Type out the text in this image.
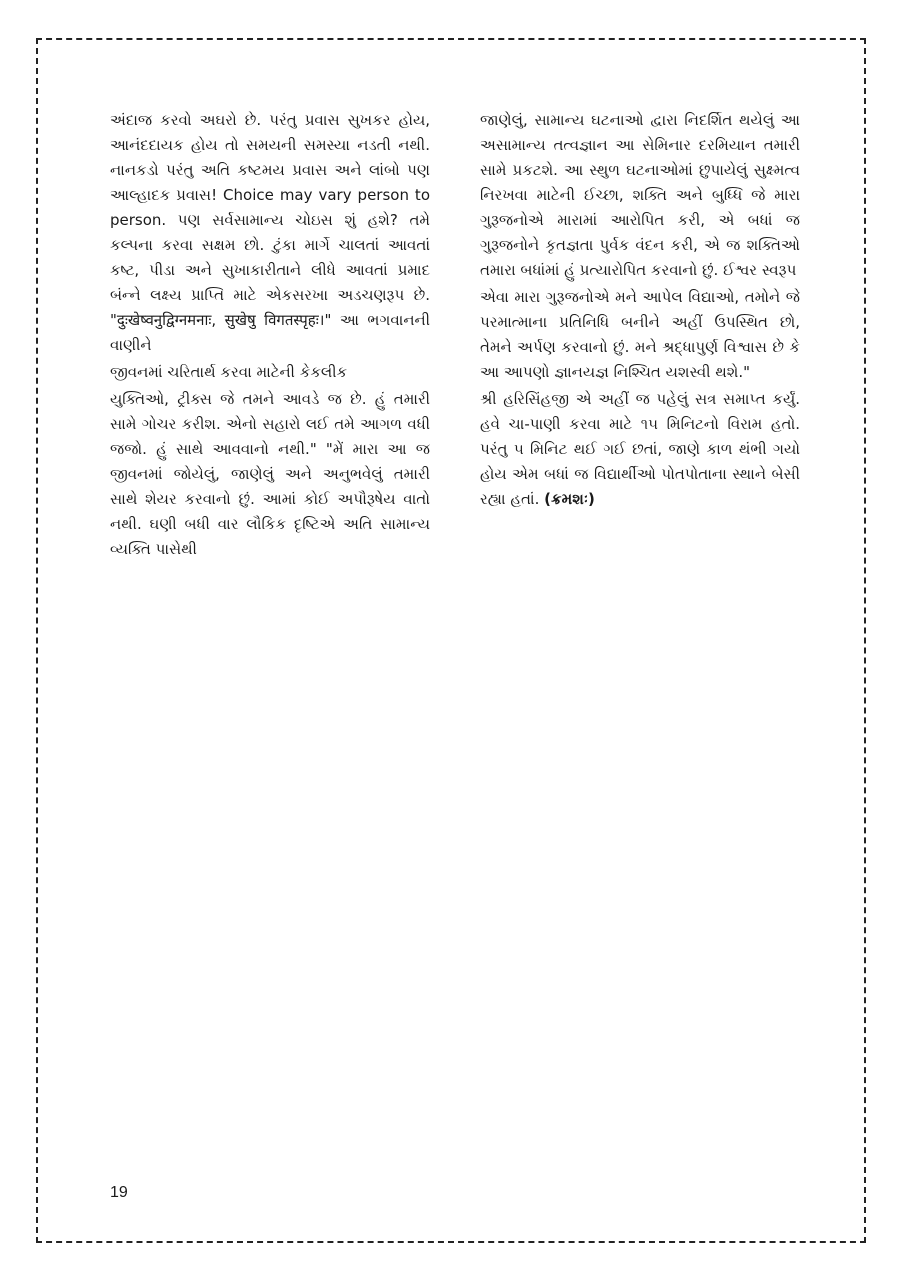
અંદાજ કરવો અઘરો છે. પરંતુ પ્રવાસ સુખકર હોય, આનંદદાયક હોય તો સમયની સમસ્યા નડતી નથી. નાનકડો પરંતુ અતિ કષ્ટમય પ્રવાસ અને લાંબો પણ આલ્હાદક પ્રવાસ! Choice may vary person to person. પણ સર્વસામાન્ય ચોઇસ શું હશે? તમે કલ્પના કરવા સક્ષમ છો. ટુંકા માર્ગે ચાલતાં આવતાં કષ્ટ, પીડા અને સુખાકારીતાને લીધે આવતાં પ્રમાદ બંન્ને લક્ષ્ય પ્રાપ્તિ માટે એકસરખા અડચણરૂપ છે. "दुःखेष्वनुद्विग्नमनाः, सुखेषु विगतस्पृहः।" આ ભગવાનની વાણીને

જીવનમાં ચરિતાર્થ કરવા માટેની કેકલીક

યુક્તિઓ, ટ્રીક્સ જે તમને આવડે જ છે. હું તમારી સામે ગોચર કરીશ. એનો સહારો લઈ તમે આગળ વધી જજો. હું સાથે આવવાનો નથી." "મેં મારા આ જ જીવનમાં જોયેલું, જાણેલું અને અનુભવેલું તમારી સાથે શેયર કરવાનો છું. આમાં કોઈ અપૌરૂષેય વાતો નથી. ઘણી બધી વાર લૌકિક દૃષ્ટિએ અતિ સામાન્ય વ્યક્તિ પાસેથી

જાણેલું, સામાન્ય ઘટનાઓ દ્વારા નિદર્શિત થયેલું આ અસામાન્ય તત્વજ્ઞાન આ સેમિનાર દરમિયાન તમારી સામે પ્રકટશે. આ સ્થુળ ઘટનાઓમાં છુપાયેલું સુક્ષ્મત્વ નિરખવા માટેની ઈચ્છા, શક્તિ અને બુધ્ધિ જે મારા ગુરૂજનોએ મારામાં આરોપિત કરી, એ બધાં જ ગુરૂજનોને કૃતજ્ઞતા પુર્વક વંદન કરી, એ જ શક્તિઓ તમારા બધાંમાં હું પ્રત્યારોપિત કરવાનો છું. ઈશ્વર સ્વરૂપ

એવા મારા ગુરૂજનોએ મને આપેલ વિદ્યાઓ, તમોને જે પરમાત્માના પ્રતિનિધિ બનીને અહીં ઉપસ્થિત છો, તેમને અર્પણ કરવાનો છું. મને શ્રદ્ધાપુર્ણ વિશ્વાસ છે કે આ આપણો જ્ઞાનયજ્ઞ નિશ્ચિત યશસ્વી થશે."

શ્રી હરિસિંહજી એ અહીં જ પહેલું સત્ર સમાપ્ત કર્યું. હવે ચા-પાણી કરવા માટે ૧૫ મિનિટનો વિરામ હતો. પરંતુ ૫ મિનિટ થઈ ગઈ છતાં, જાણે કાળ થંભી ગયો હોય એમ બધાં જ વિદ્યાર્થીઓ પોતપોતાના સ્થાને બેસી રહ્યા હતાં. (ક્રમશઃ)

19
